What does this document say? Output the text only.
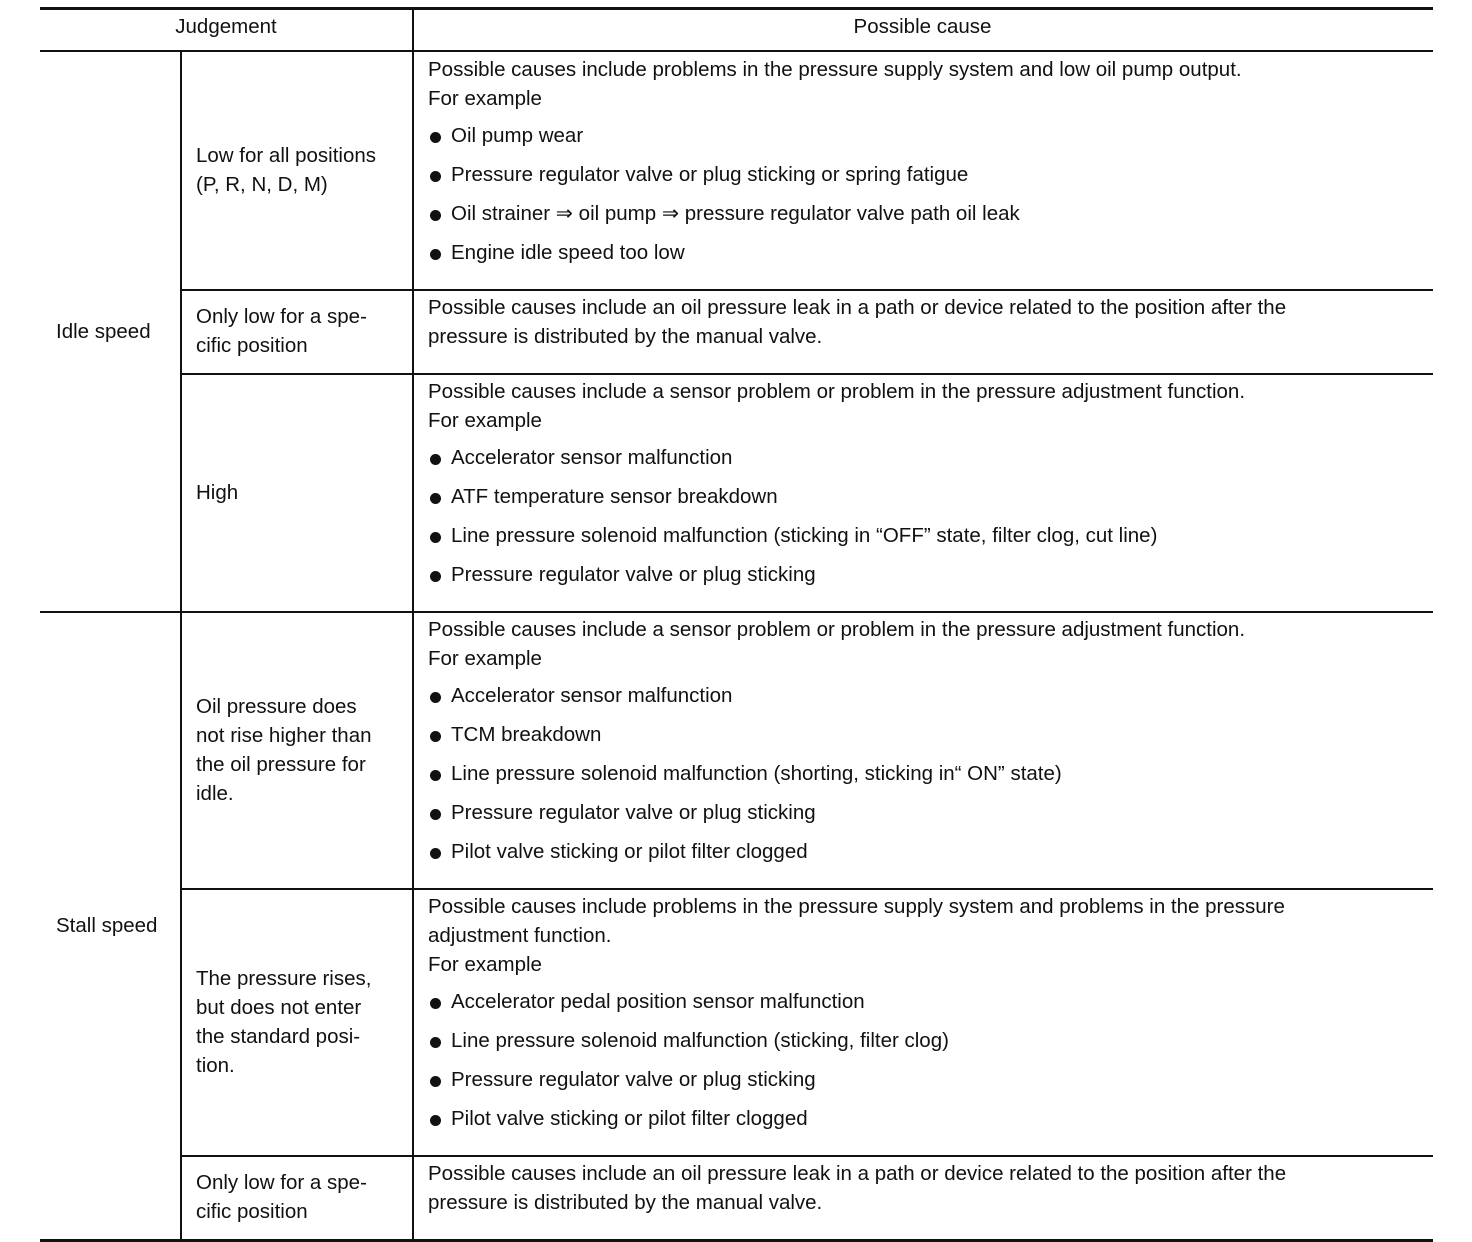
Judgement	Possible cause
Possible causes include problems in the pressure supply system and low oil pump output.
For example
Oil pump wear
Pressure regulator valve or plug sticking or spring fatigue
Oil strainer ⇒ oil pump ⇒ pressure regulator valve path oil leak
Engine idle speed too low
Low for all positions
(P, R, N, D, M)
Possible causes include an oil pressure leak in a path or device related to the position after the
pressure is distributed by the manual valve.
Only low for a spe-
cific position
Possible causes include a sensor problem or problem in the pressure adjustment function.
For example
Accelerator sensor malfunction
ATF temperature sensor breakdown
Line pressure solenoid malfunction (sticking in “OFF” state, filter clog, cut line)
Pressure regulator valve or plug sticking
High
Idle speed
Possible causes include a sensor problem or problem in the pressure adjustment function.
For example
Accelerator sensor malfunction
TCM breakdown
Line pressure solenoid malfunction (shorting, sticking in“ ON” state)
Pressure regulator valve or plug sticking
Pilot valve sticking or pilot filter clogged
Oil pressure does
not rise higher than
the oil pressure for
idle.
Possible causes include problems in the pressure supply system and problems in the pressure
adjustment function.
For example
Accelerator pedal position sensor malfunction
Line pressure solenoid malfunction (sticking, filter clog)
Pressure regulator valve or plug sticking
Pilot valve sticking or pilot filter clogged
The pressure rises,
but does not enter
the standard posi-
tion.
Possible causes include an oil pressure leak in a path or device related to the position after the
pressure is distributed by the manual valve.
Only low for a spe-
cific position
Stall speed
